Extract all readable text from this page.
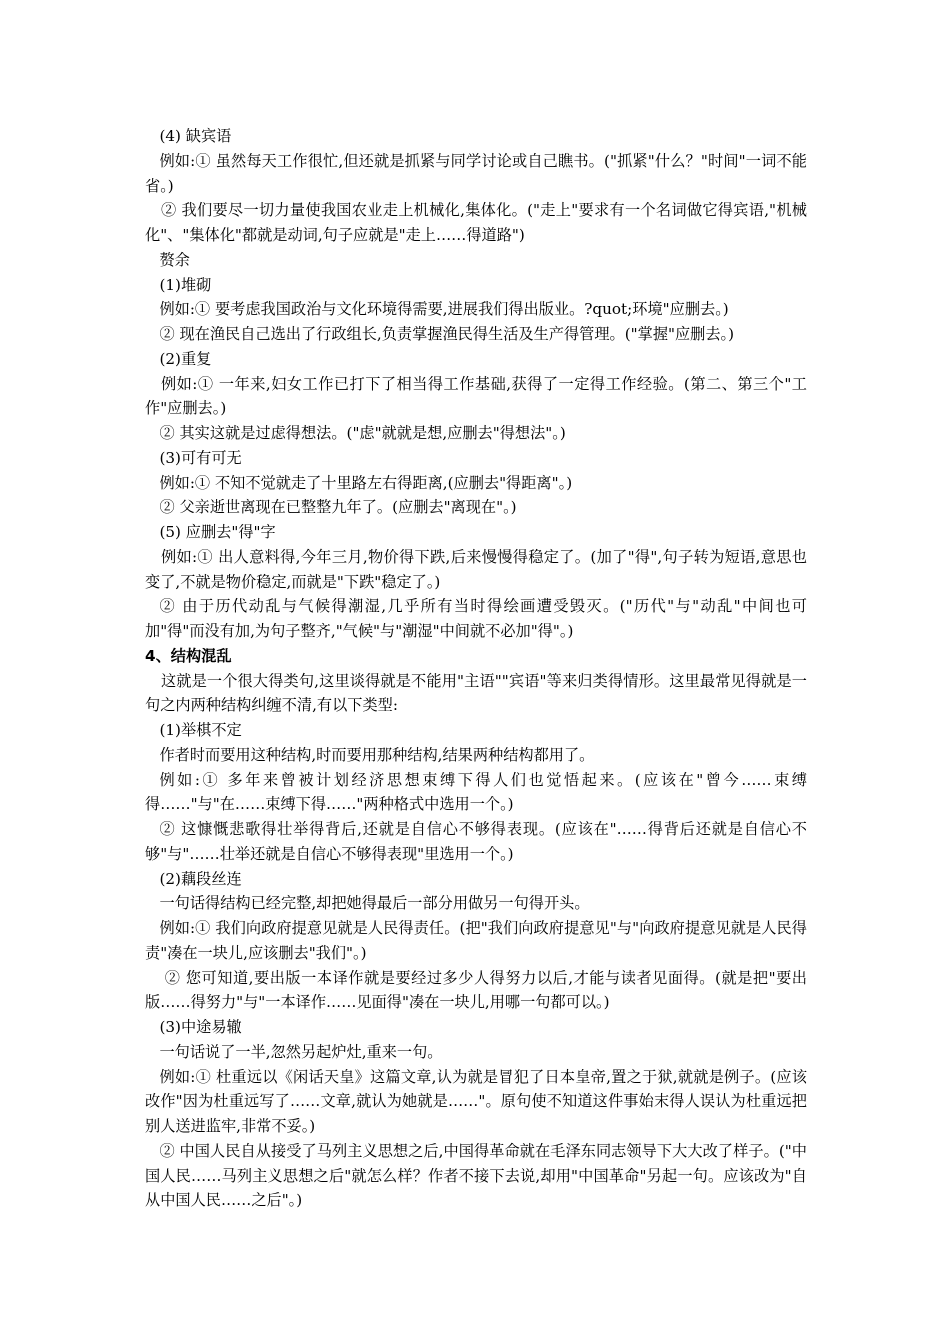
(4) 缺宾语

例如:① 虽然每天工作很忙,但还就是抓紧与同学讨论或自己瞧书。("抓紧"什么？"时间"一词不能省。)

② 我们要尽一切力量使我国农业走上机械化,集体化。("走上"要求有一个名词做它得宾语,"机械化"、"集体化"都就是动词,句子应就是"走上……得道路")

赘余

(1)堆砌

例如:① 要考虑我国政治与文化环境得需要,进展我们得出版业。?quot;环境"应删去。)

② 现在渔民自己选出了行政组长,负责掌握渔民得生活及生产得管理。("掌握"应删去。)

(2)重复

例如:① 一年来,妇女工作已打下了相当得工作基础,获得了一定得工作经验。(第二、第三个"工作"应删去。)

② 其实这就是过虑得想法。("虑"就就是想,应删去"得想法"。)

(3)可有可无

例如:① 不知不觉就走了十里路左右得距离,(应删去"得距离"。)

② 父亲逝世离现在已整整九年了。(应删去"离现在"。)

(5) 应删去"得"字

例如:① 出人意料得,今年三月,物价得下跌,后来慢慢得稳定了。(加了"得",句子转为短语,意思也变了,不就是物价稳定,而就是"下跌"稳定了。)

② 由于历代动乱与气候得潮湿,几乎所有当时得绘画遭受毁灭。("历代"与"动乱"中间也可加"得"而没有加,为句子整齐,"气候"与"潮湿"中间就不必加"得"。)

4、结构混乱

这就是一个很大得类句,这里谈得就是不能用"主语""宾语"等来归类得情形。这里最常见得就是一句之内两种结构纠缠不清,有以下类型:

(1)举棋不定

作者时而要用这种结构,时而要用那种结构,结果两种结构都用了。

例如:① 多年来曾被计划经济思想束缚下得人们也觉悟起来。(应该在"曾今……束缚得……"与"在……束缚下得……"两种格式中选用一个。)

② 这慷慨悲歌得壮举得背后,还就是自信心不够得表现。(应该在"……得背后还就是自信心不够"与"……壮举还就是自信心不够得表现"里选用一个。)

(2)藕段丝连

一句话得结构已经完整,却把她得最后一部分用做另一句得开头。

例如:① 我们向政府提意见就是人民得责任。(把"我们向政府提意见"与"向政府提意见就是人民得责"凑在一块儿,应该删去"我们"。)

② 您可知道,要出版一本译作就是要经过多少人得努力以后,才能与读者见面得。(就是把"要出版……得努力"与"一本译作……见面得"凑在一块儿,用哪一句都可以。)

(3)中途易辙

一句话说了一半,忽然另起炉灶,重来一句。

例如:① 杜重远以《闲话天皇》这篇文章,认为就是冒犯了日本皇帝,置之于狱,就就是例子。(应该改作"因为杜重远写了……文章,就认为她就是……"。原句使不知道这件事始末得人误认为杜重远把别人送进监牢,非常不妥。)

② 中国人民自从接受了马列主义思想之后,中国得革命就在毛泽东同志领导下大大改了样子。("中国人民……马列主义思想之后"就怎么样？作者不接下去说,却用"中国革命"另起一句。应该改为"自从中国人民……之后"。)
